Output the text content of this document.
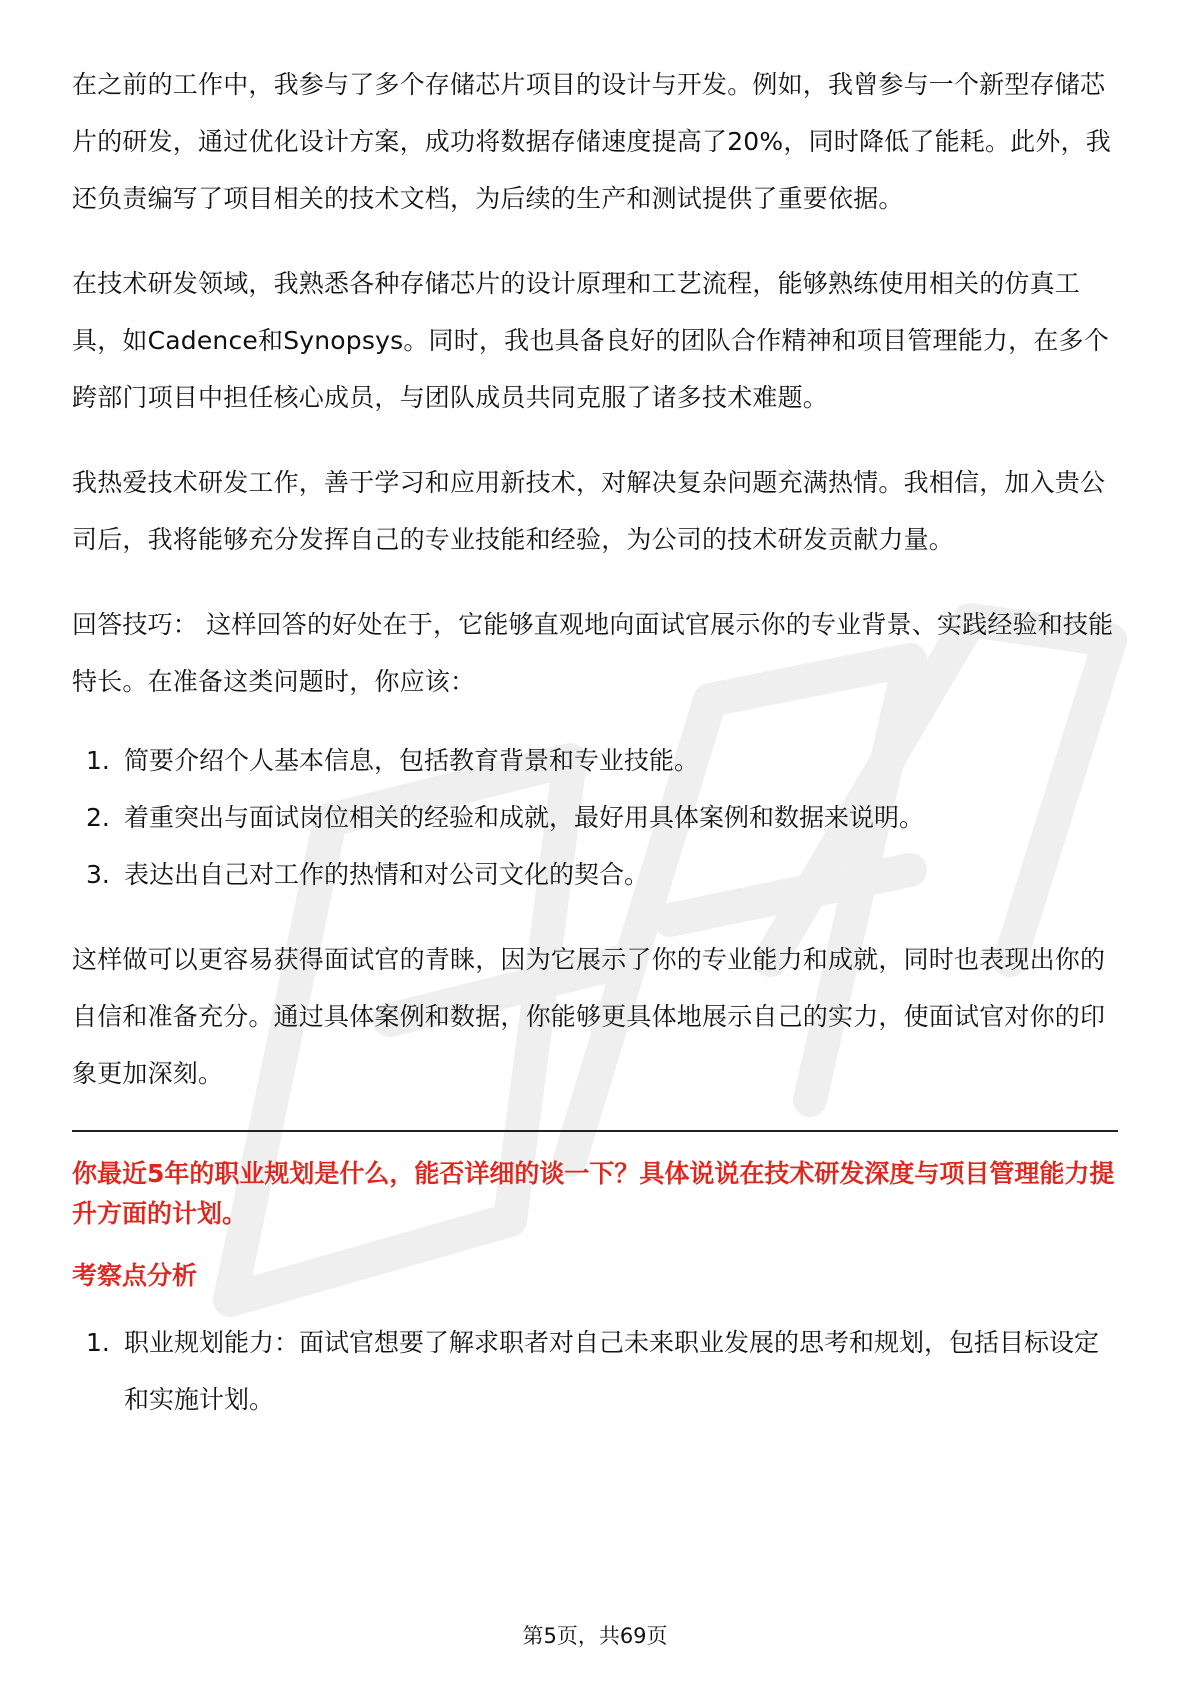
在之前的工作中，我参与了多个存储芯片项目的设计与开发。例如，我曾参与一个新型存储芯片的研发，通过优化设计方案，成功将数据存储速度提高了20%，同时降低了能耗。此外，我还负责编写了项目相关的技术文档，为后续的生产和测试提供了重要依据。

在技术研发领域，我熟悉各种存储芯片的设计原理和工艺流程，能够熟练使用相关的仿真工具，如Cadence和Synopsys。同时，我也具备良好的团队合作精神和项目管理能力，在多个跨部门项目中担任核心成员，与团队成员共同克服了诸多技术难题。

我热爱技术研发工作，善于学习和应用新技术，对解决复杂问题充满热情。我相信，加入贵公司后，我将能够充分发挥自己的专业技能和经验，为公司的技术研发贡献力量。

回答技巧： 这样回答的好处在于，它能够直观地向面试官展示你的专业背景、实践经验和技能特长。在准备这类问题时，你应该：

1. 简要介绍个人基本信息，包括教育背景和专业技能。
2. 着重突出与面试岗位相关的经验和成就，最好用具体案例和数据来说明。
3. 表达出自己对工作的热情和对公司文化的契合。

这样做可以更容易获得面试官的青睐，因为它展示了你的专业能力和成就，同时也表现出你的自信和准备充分。通过具体案例和数据，你能够更具体地展示自己的实力，使面试官对你的印象更加深刻。

你最近5年的职业规划是什么，能否详细的谈一下？具体说说在技术研发深度与项目管理能力提升方面的计划。

考察点分析

1. 职业规划能力：面试官想要了解求职者对自己未来职业发展的思考和规划，包括目标设定和实施计划。
第5页，共69页
